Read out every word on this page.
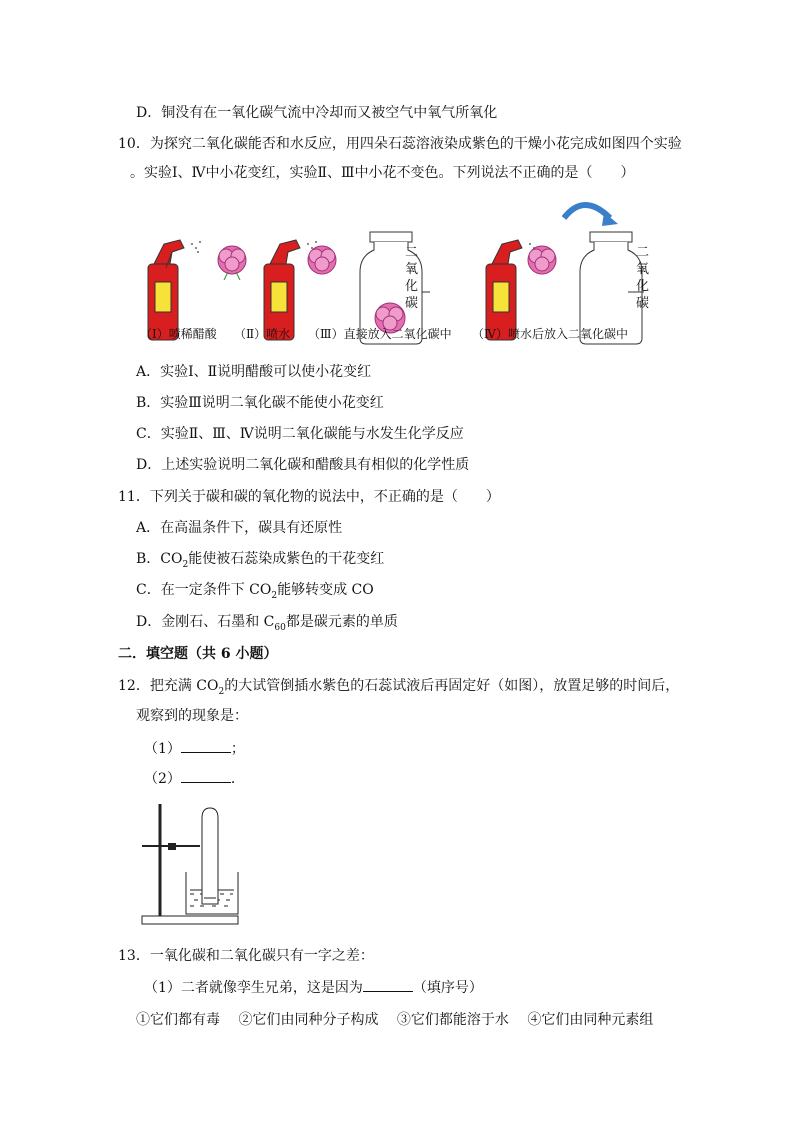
D．铜没有在一氧化碳气流中冷却而又被空气中氧气所氧化
10．为探究二氧化碳能否和水反应，用四朵石蕊溶液染成紫色的干燥小花完成如图四个实验
。实验Ⅰ、Ⅳ中小花变红，实验Ⅱ、Ⅲ中小花不变色。下列说法不正确的是（　　）
二氧化碳
二氧化碳
（Ⅰ）喷稀醋酸 （Ⅱ）喷水 （Ⅲ）直接放入二氧化碳中 （Ⅳ）喷水后放入二氧化碳中
A．实验Ⅰ、Ⅱ说明醋酸可以使小花变红
B．实验Ⅲ说明二氧化碳不能使小花变红
C．实验Ⅱ、Ⅲ、Ⅳ说明二氧化碳能与水发生化学反应
D．上述实验说明二氧化碳和醋酸具有相似的化学性质
11．下列关于碳和碳的氧化物的说法中，不正确的是（　　）
A．在高温条件下，碳具有还原性
B．$CO_2$能使被石蕊染成紫色的干花变红
C．在一定条件下 $CO_2$能够转变成 CO
D．金刚石、石墨和 $C_{60}$都是碳元素的单质
二．填空题（共 6 小题）
12．把充满 $CO_2$的大试管倒插水紫色的石蕊试液后再固定好（如图），放置足够的时间后，
观察到的现象是：
（1）	；
（2）	．
13．一氧化碳和二氧化碳只有一字之差：
（1）二者就像孪生兄弟，这是因为	（填序号）
①它们都有毒 ②它们由同种分子构成 ③它们都能溶于水 ④它们由同种元素组
